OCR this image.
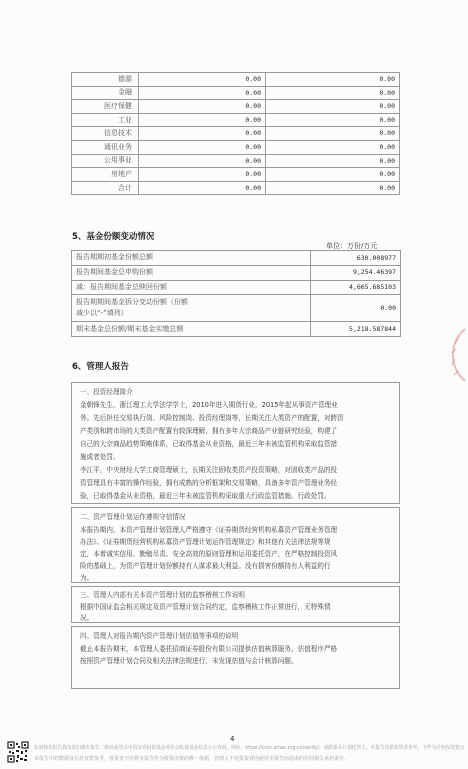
德源	0.00	0.00
金融	0.00	0.00
医疗保健	0.00	0.00
工业	0.00	0.00
信息技术	0.00	0.00
通讯业务	0.00	0.00
公用事业	0.00	0.00
房地产	0.00	0.00
合计	0.00	0.00
5、基金份额变动情况
单位：万份/万元
报告期期初基金份额总额	630.008977
报告期间基金总申购份额	9,254.46397
减：报告期间基金总赎回份额	4,665.685103

报告期期间基金拆分变动份额（份额
减少以“-”填列）	0.00
期末基金总份额/期末基金实缴总额	5,218.587844
6、管理人报告
一、投资经理简介
金朝锋先生，浙江理工大学法学学士，2010年进入期货行业，2015年起从事资产管理业
务。先后担任交易执行岗、风险控制岗、投资经理岗等，长期关注大类资产的配置，对跨资
产类别和跨市场的大类资产配置有较深理解，拥有多年大宗商品产业链研究经验，构建了
自己的大宗商品趋势策略体系，已取得基金从业资格，最近三年未被监管机构采取监管措
施或者处罚。
李江平，中央财经大学工商管理硕士，长期关注固收类资产投资策略，对固收类产品的投
资管理具有丰富的操作经验，拥有成熟的分析框架和交易策略，具备多年资产管理业务经
验，已取得基金从业资格，最近三年未被监管机构采取重大行政监管措施、行政处罚。
二、资产管理计划运作遵规守信情况
本报告期内，本资产管理计划管理人严格遵守《证券期货经营机构私募资产管理业务管理
办法》、《证券期货经营机构私募资产管理计划运作管理规定》和其他有关法律法规等规
定，本着诚实信用、勤勉尽责、安全高效的原则管理和运用委托资产，在严格控制投资风
险的基础上，为资产管理计划份额持有人谋求最大利益。没有损害份额持有人利益的行
为。
三、管理人内部有关本资产管理计划的监察稽核工作说明
根据中国证监会相关规定及资产管理计划合同约定，监察稽核工作正常进行，无特殊情
况。
四、管理人对报告期内资产管理计划估值等事项的说明
截止本报告期末，本管理人委托招商证券股份有限公司提供估值核算服务。估值程序严格
按照资产管理计划合同及相关法律法规进行，未发现估值与会计核算问题。
4
如需核实报告真伪请扫描本报告二维码或登录中国证券投资基金业协会私募基金信息公示查询，网址：https://ccm.amac.org.cn/verify/，或联系本计划托管人，本报告仅供投资者参考，不作为任何投资建议
本报告中的数据及信息仅供参考，投资者不应将本报告作为投资决策的唯一依据，管理人不对投资者因使用本报告而造成的任何损失承担责任。
